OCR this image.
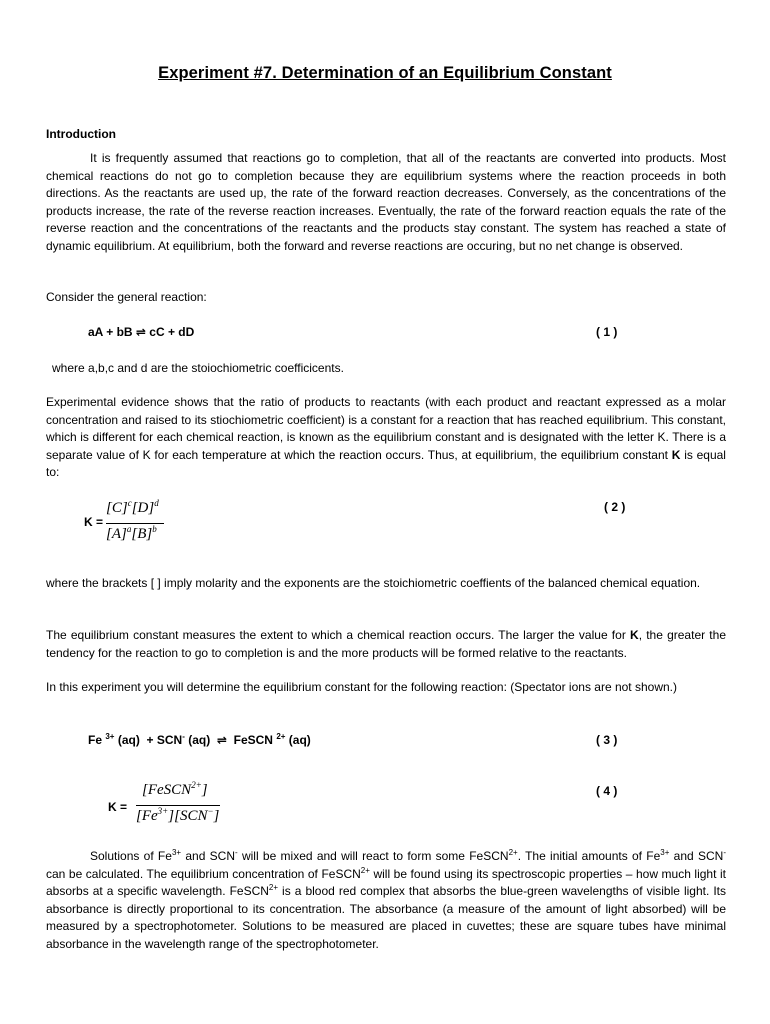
Experiment #7. Determination of an Equilibrium Constant
Introduction
It is frequently assumed that reactions go to completion, that all of the reactants are converted into products. Most chemical reactions do not go to completion because they are equilibrium systems where the reaction proceeds in both directions. As the reactants are used up, the rate of the forward reaction decreases. Conversely, as the concentrations of the products increase, the rate of the reverse reaction increases. Eventually, the rate of the forward reaction equals the rate of the reverse reaction and the concentrations of the reactants and the products stay constant. The system has reached a state of dynamic equilibrium. At equilibrium, both the forward and reverse reactions are occuring, but no net change is observed.
Consider the general reaction:
aA + bB ⇌ cC + dD	( 1 )
where a,b,c and d are the stoiochiometric coefficicents.
Experimental evidence shows that the ratio of products to reactants (with each product and reactant expressed as a molar concentration and raised to its stiochiometric coefficient) is a constant for a reaction that has reached equilibrium. This constant, which is different for each chemical reaction, is known as the equilibrium constant and is designated with the letter K. There is a separate value of K for each temperature at which the reaction occurs. Thus, at equilibrium, the equilibrium constant K is equal to:
K =
$[C]^c[D]^d$
$[A]^a[B]^b$
( 2 )
where the brackets [ ] imply molarity and the exponents are the stoichiometric coeffients of the balanced chemical equation.
The equilibrium constant measures the extent to which a chemical reaction occurs. The larger the value for K, the greater the tendency for the reaction to go to completion is and the more products will be formed relative to the reactants.
In this experiment you will determine the equilibrium constant for the following reaction: (Spectator ions are not shown.)
Fe $^{3+}$ (aq) + SCN- (aq) ⇌ FeSCN $^{2+}$ (aq)	( 3 )
K =
[FeSCN$^{2+}$]
$[Fe^{3+}][SCN^-]$
( 4 )
Solutions of $Fe^{3+}$ and SCN- will be mixed and will react to form some FeSCN$^{2+}$. The initial amounts of $Fe^{3+}$ and SCN- can be calculated. The equilibrium concentration of FeSCN$^{2+}$ will be found using its spectroscopic properties – how much light it absorbs at a specific wavelength. FeSCN$^{2+}$ is a blood red complex that absorbs the blue-green wavelengths of visible light. Its absorbance is directly proportional to its concentration. The absorbance (a measure of the amount of light absorbed) will be measured by a spectrophotometer. Solutions to be measured are placed in cuvettes; these are square tubes have minimal absorbance in the wavelength range of the spectrophotometer.
